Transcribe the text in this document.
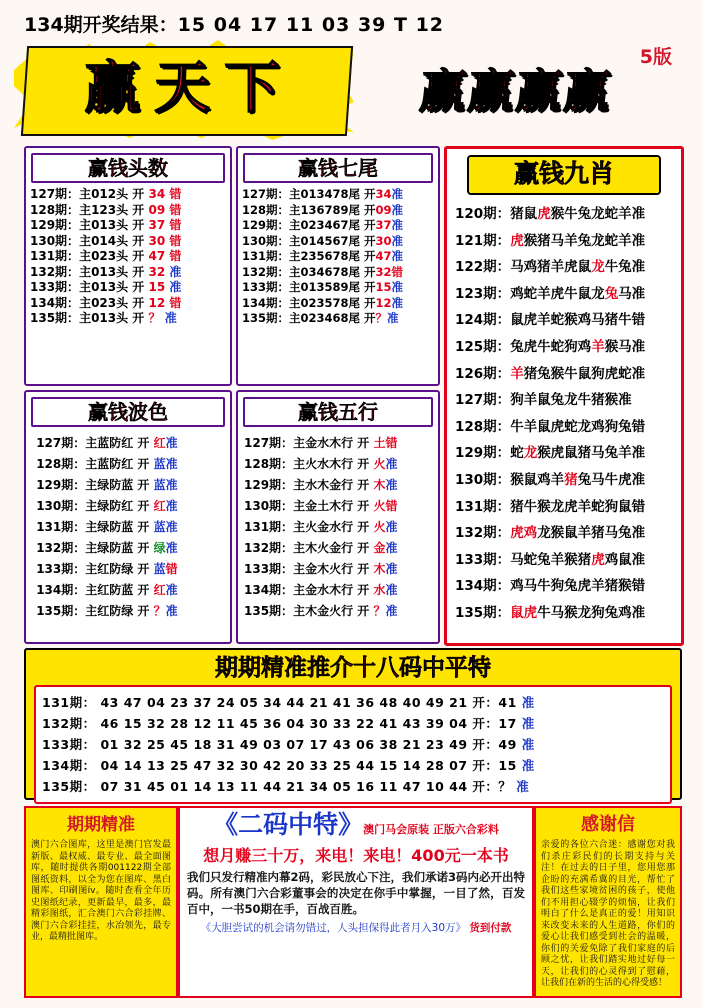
134期开奖结果：15 04 17 11 03 39 T 12
5版
赢天下	赢赢赢赢
赢钱头数
127期：主012头 开 34 错
128期：主123头 开 09 错
129期：主013头 开 37 错
130期：主014头 开 30 错
131期：主023头 开 47 错
132期：主013头 开 32 准
133期：主013头 开 15 准
134期：主023头 开 12 错
135期：主013头 开 ？ 准
赢钱七尾
127期：主013478尾 开34准
128期：主136789尾 开09准
129期：主023467尾 开37准
130期：主014567尾 开30准
131期：主235678尾 开47准
132期：主034678尾 开32错
133期：主013589尾 开15准
134期：主023578尾 开12准
135期：主023468尾 开？准
赢钱波色
127期：主蓝防红 开 红准
128期：主蓝防红 开 蓝准
129期：主绿防蓝 开 蓝准
130期：主绿防红 开 红准
131期：主绿防蓝 开 蓝准
132期：主绿防蓝 开 绿准
133期：主红防绿 开 蓝错
134期：主红防蓝 开 红准
135期：主红防绿 开 ？准
赢钱五行
127期：主金水木行 开 土错
128期：主火水木行 开 火准
129期：主水木金行 开 木准
130期：主金土木行 开 火错
131期：主火金水行 开 火准
132期：主木火金行 开 金准
133期：主金木火行 开 木准
134期：主金水木行 开 水准
135期：主木金火行 开 ？准
赢钱九肖
120期：猪鼠虎猴牛兔龙蛇羊准
121期：虎猴猪马羊兔龙蛇羊准
122期：马鸡猪羊虎鼠龙牛兔准
123期：鸡蛇羊虎牛鼠龙兔马准
124期：鼠虎羊蛇猴鸡马猪牛错
125期：兔虎牛蛇狗鸡羊猴马准
126期：羊猪兔猴牛鼠狗虎蛇准
127期：狗羊鼠兔龙牛猪猴准
128期：牛羊鼠虎蛇龙鸡狗兔错
129期：蛇龙猴虎鼠猪马兔羊准
130期：猴鼠鸡羊猪兔马牛虎准
131期：猪牛猴龙虎羊蛇狗鼠错
132期：虎鸡龙猴鼠羊猪马兔准
133期：马蛇兔羊猴猪虎鸡鼠准
134期：鸡马牛狗兔虎羊猪猴错
135期：鼠虎牛马猴龙狗兔鸡准
期期精准推介十八码中平特
131期： 43 47 04 23 37 24 05 34 44 21 41 36 48 40 49 21 开：41 准
132期： 46 15 32 28 12 11 45 36 04 30 33 22 41 43 39 04 开：17 准
133期： 01 32 25 45 18 31 49 03 07 17 43 06 38 21 23 49 开：49 准
134期： 04 14 13 25 47 32 30 42 20 33 25 44 15 14 28 07 开：15 准
135期： 07 31 45 01 14 13 11 44 21 34 05 16 11 47 10 44 开：？ 准
期期精准
澳门六合图库，这里是澳门官发最新版、最权威、最专业、最全面图库，随时提供各期001122期全部图纸资料，以全为您在图库、黑白图库、印刷图ív。随时查看全年历史图纸纪录，更新最早，最多，最精彩图纸，汇合澳门六合彩挂牌、澳门六合彩挂挂，水冶领先，最专业，最精批图库。
《二码中特》澳门马会原装 正版六合彩料
想月赚三十万，来电！来电！400元一本书
我们只发行精准内幕2码，彩民放心下注，我们承诺3码内必开出特码。所有澳门六合彩董事会的决定在你手中掌握，一目了然，百发百中，一书50期在手，百战百胜。
《大胆尝试的机会请勿错过，人头担保得此者月入30万》 货到付款
感谢信
亲爱的各位六合迷：感谢您对我们杀庄彩民们的长期支持与关注！在过去的日子里，您用您那企盼的充满希冀的目光，帮忙了我们这些家境贫困的孩子，使他们不用担心辍学的烦恼，让我们明白了什么是真正的爱！用知识来改变未来的人生道路，你们的爱心让我们感受到社会的温暖，你们的关爱免除了我们家庭的后顾之忧，让我们踏实地过好每一天，让我们的心灵得到了慰藉，让我们在新的生活的心得受感！
